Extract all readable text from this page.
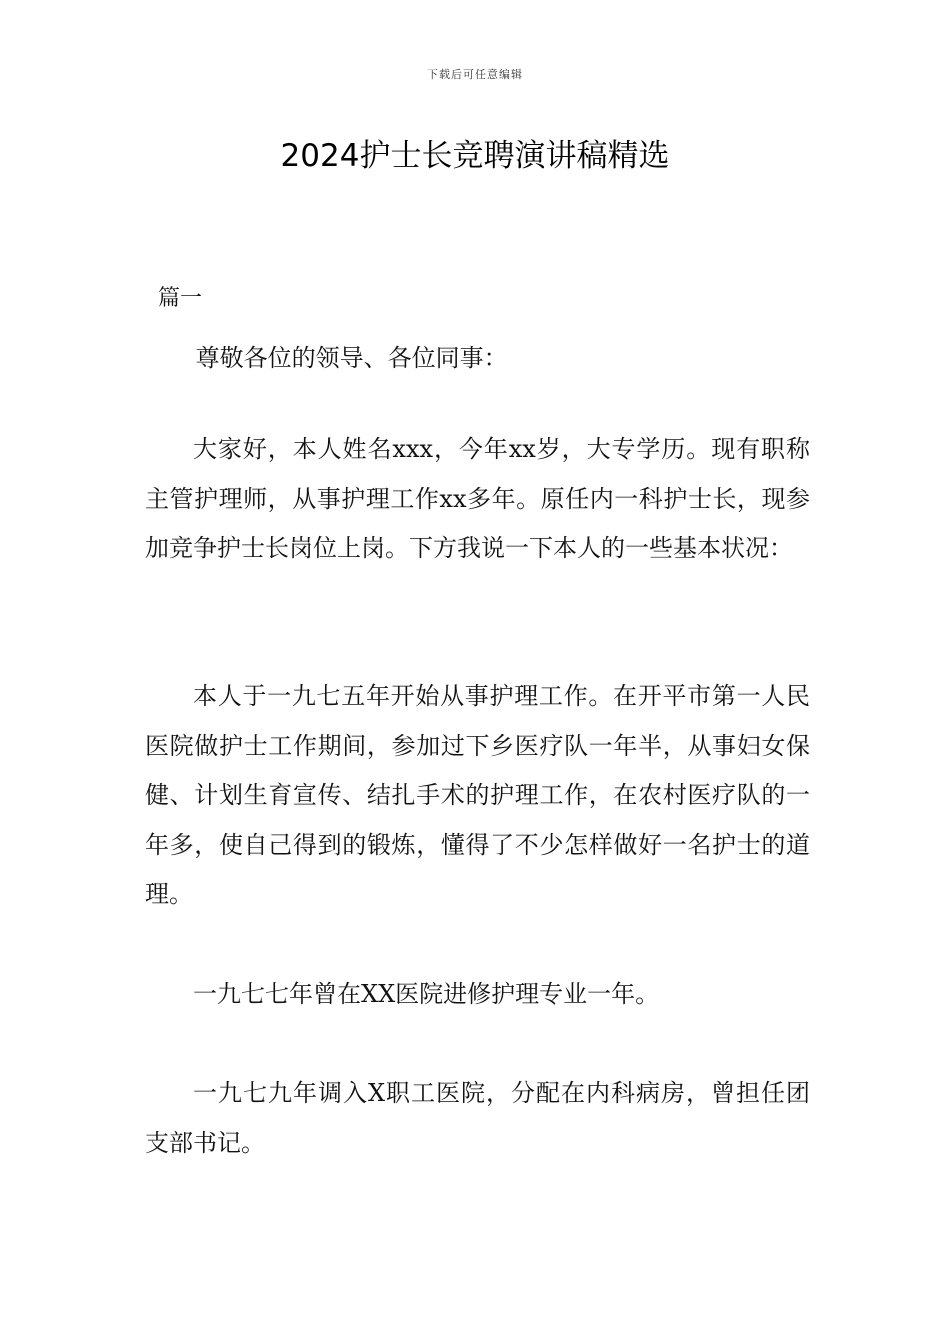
下载后可任意编辑
2024护士长竞聘演讲稿精选

篇一

尊敬各位的领导、各位同事：

大家好，本人姓名xxx，今年xx岁，大专学历。现有职称主管护理师，从事护理工作xx多年。原任内一科护士长，现参加竞争护士长岗位上岗。下方我说一下本人的一些基本状况：

本人于一九七五年开始从事护理工作。在开平市第一人民医院做护士工作期间，参加过下乡医疗队一年半，从事妇女保健、计划生育宣传、结扎手术的护理工作，在农村医疗队的一年多，使自己得到的锻炼，懂得了不少怎样做好一名护士的道理。

一九七七年曾在XX医院进修护理专业一年。

一九七九年调入X职工医院，分配在内科病房，曾担任团支部书记。
